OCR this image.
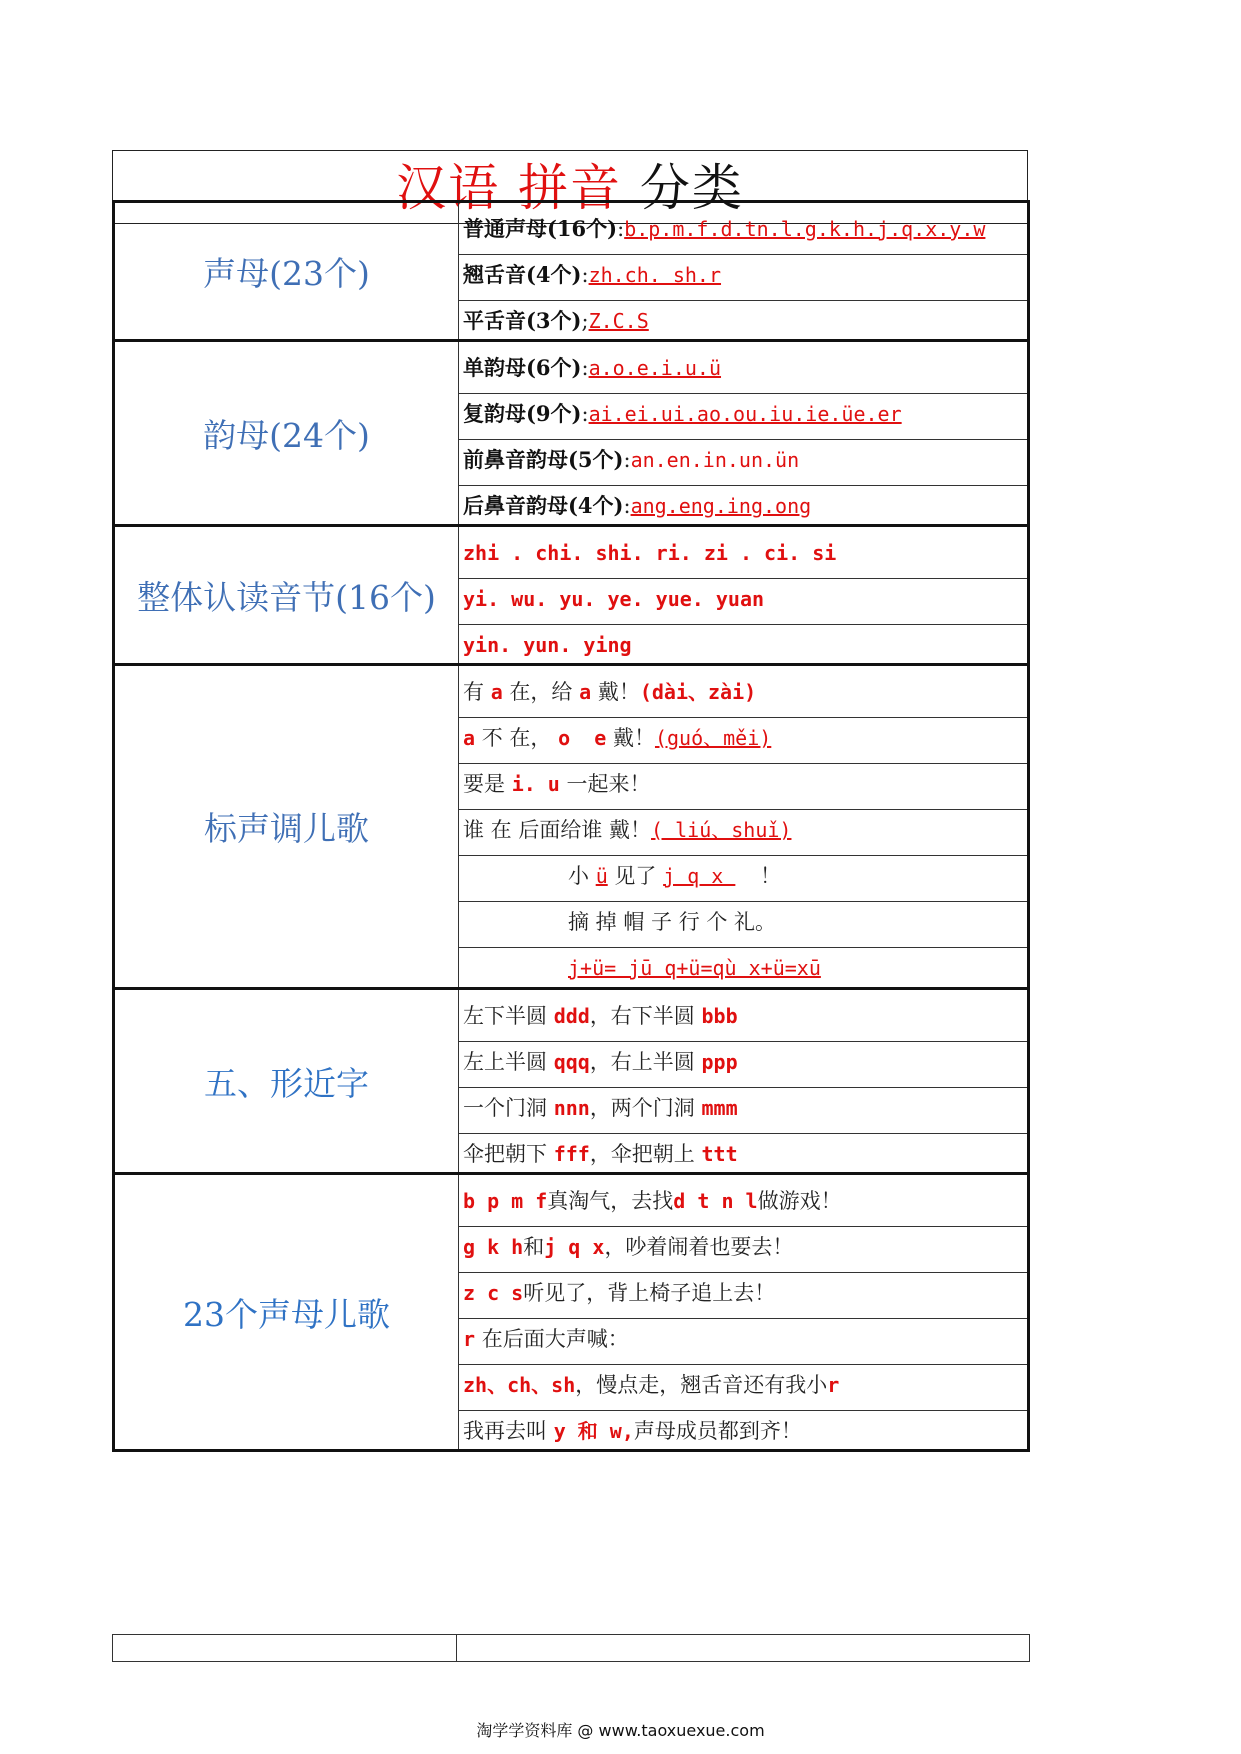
汉语 拼音 分类
声母(23个)
普通声母(16个):b.p.m.f.d.tn.l.g.k.h.j.q.x.y.w
翘舌音(4个):zh.ch. sh.r
平舌音(3个);Z.C.S
韵母(24个)
单韵母(6个):a.o.e.i.u.ü
复韵母(9个):ai.ei.ui.ao.ou.iu.ie.üe.er
前鼻音韵母(5个):an.en.in.un.ün
后鼻音韵母(4个):ang.eng.ing.ong
整体认读音节(16个)
zhi . chi. shi. ri. zi . ci. si
yi. wu. yu. ye. yue. yuan
yin. yun. ying
标声调儿歌
有 a 在，给 a 戴！(dài、zài)
a 不 在， o  e 戴！(guó、měi)
要是 i. u 一起来！
谁 在 后面给谁 戴！( liú、shuǐ)
小 ü 见了 j q x  ！
摘 掉 帽 子 行 个 礼。
j+ü= jū q+ü=qù x+ü=xū
五、形近字
左下半圆 ddd，右下半圆 bbb
左上半圆 qqq，右上半圆 ppp
一个门洞 nnn，两个门洞 mmm
伞把朝下 fff，伞把朝上 ttt
23个声母儿歌
b p m f真淘气，去找d t n l做游戏！
g k h和j q x，吵着闹着也要去！
z c s听见了，背上椅子追上去！
r 在后面大声喊：
zh、ch、sh，慢点走，翘舌音还有我小r
我再去叫 y 和 w,声母成员都到齐！
淘学学资料库 @ www.taoxuexue.com
